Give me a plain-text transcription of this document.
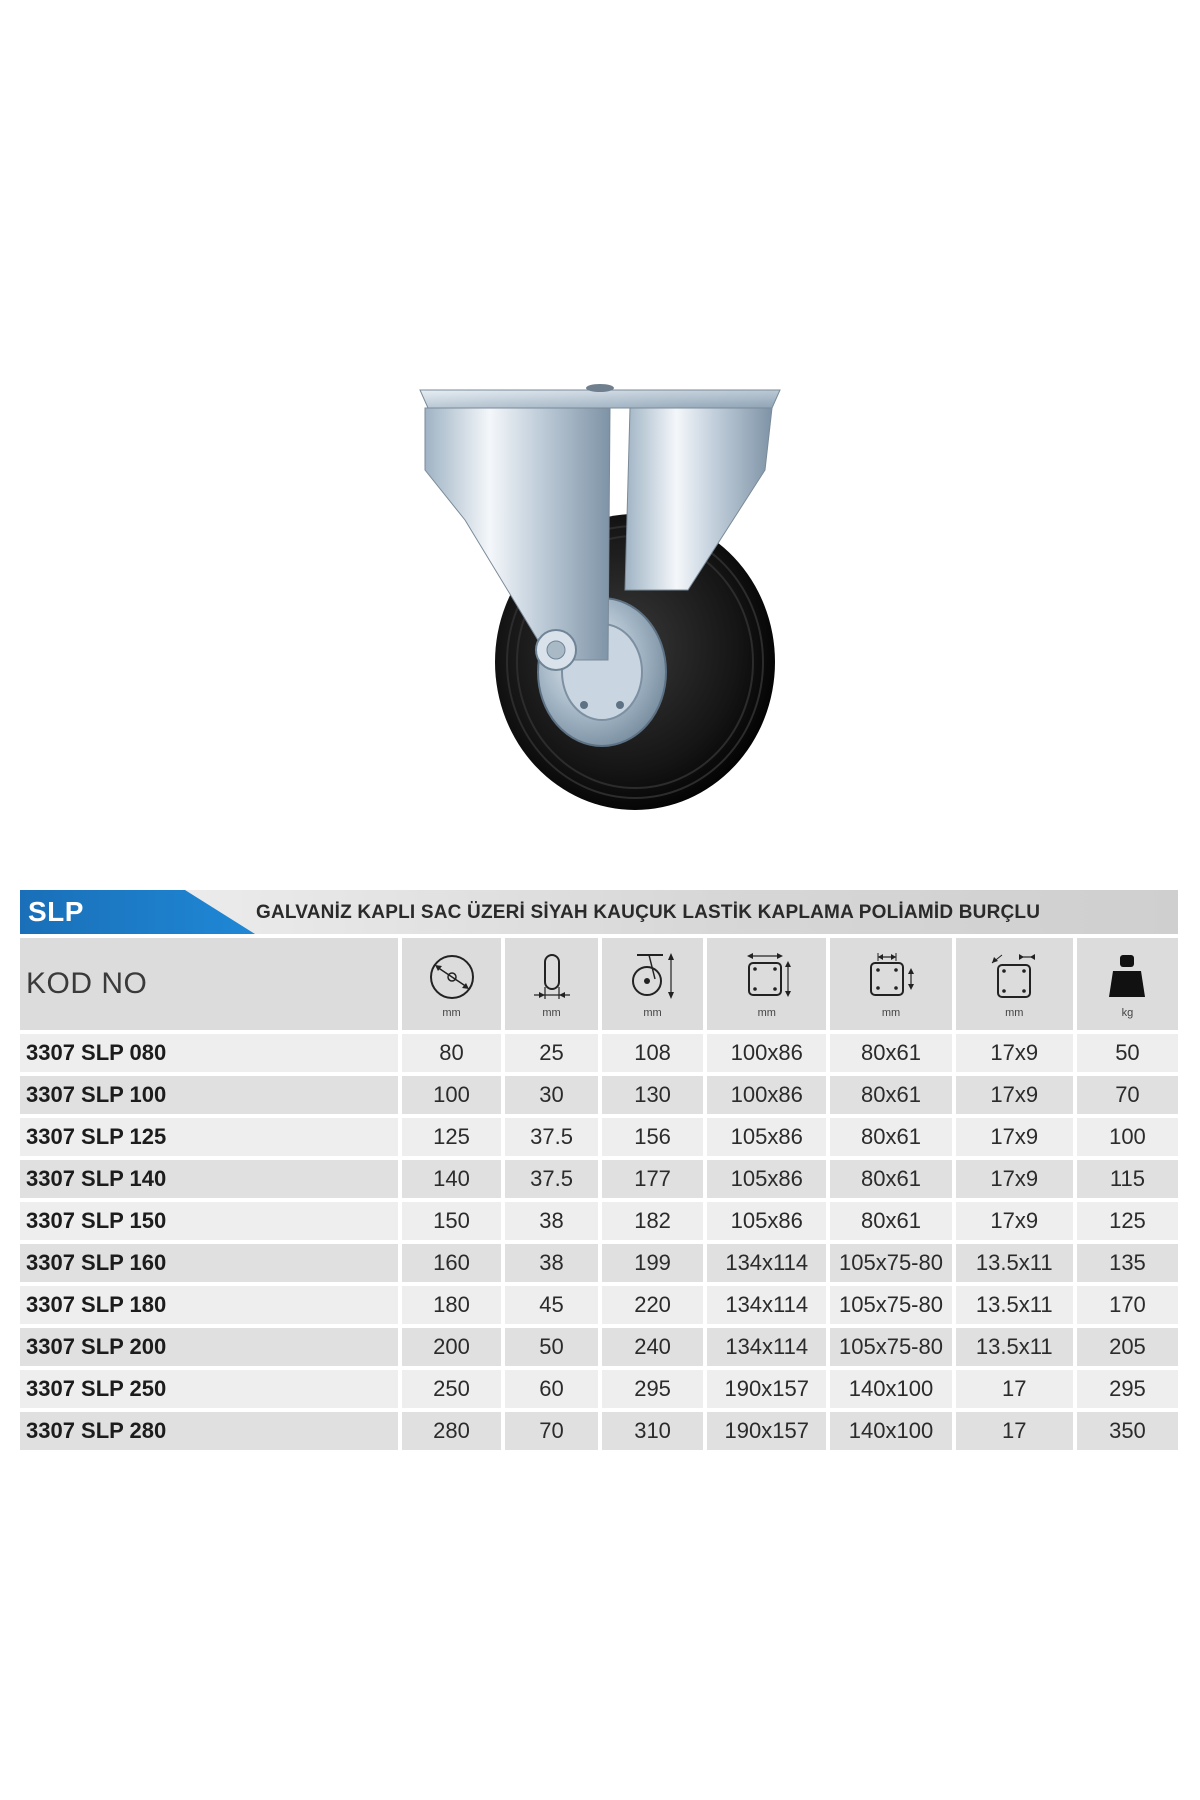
SLP	GALVANİZ KAPLI SAC ÜZERİ SİYAH KAUÇUK LASTİK KAPLAMA POLİAMİD BURÇLU
KOD NO	mm	mm	mm	mm	mm	mm	kg

3307 SLP 080	80	25	108	100x86	80x61	17x9	50
3307 SLP 100	100	30	130	100x86	80x61	17x9	70
3307 SLP 125	125	37.5	156	105x86	80x61	17x9	100
3307 SLP 140	140	37.5	177	105x86	80x61	17x9	115
3307 SLP 150	150	38	182	105x86	80x61	17x9	125
3307 SLP 160	160	38	199	134x114	105x75-80	13.5x11	135
3307 SLP 180	180	45	220	134x114	105x75-80	13.5x11	170
3307 SLP 200	200	50	240	134x114	105x75-80	13.5x11	205
3307 SLP 250	250	60	295	190x157	140x100	17	295
3307 SLP 280	280	70	310	190x157	140x100	17	350
